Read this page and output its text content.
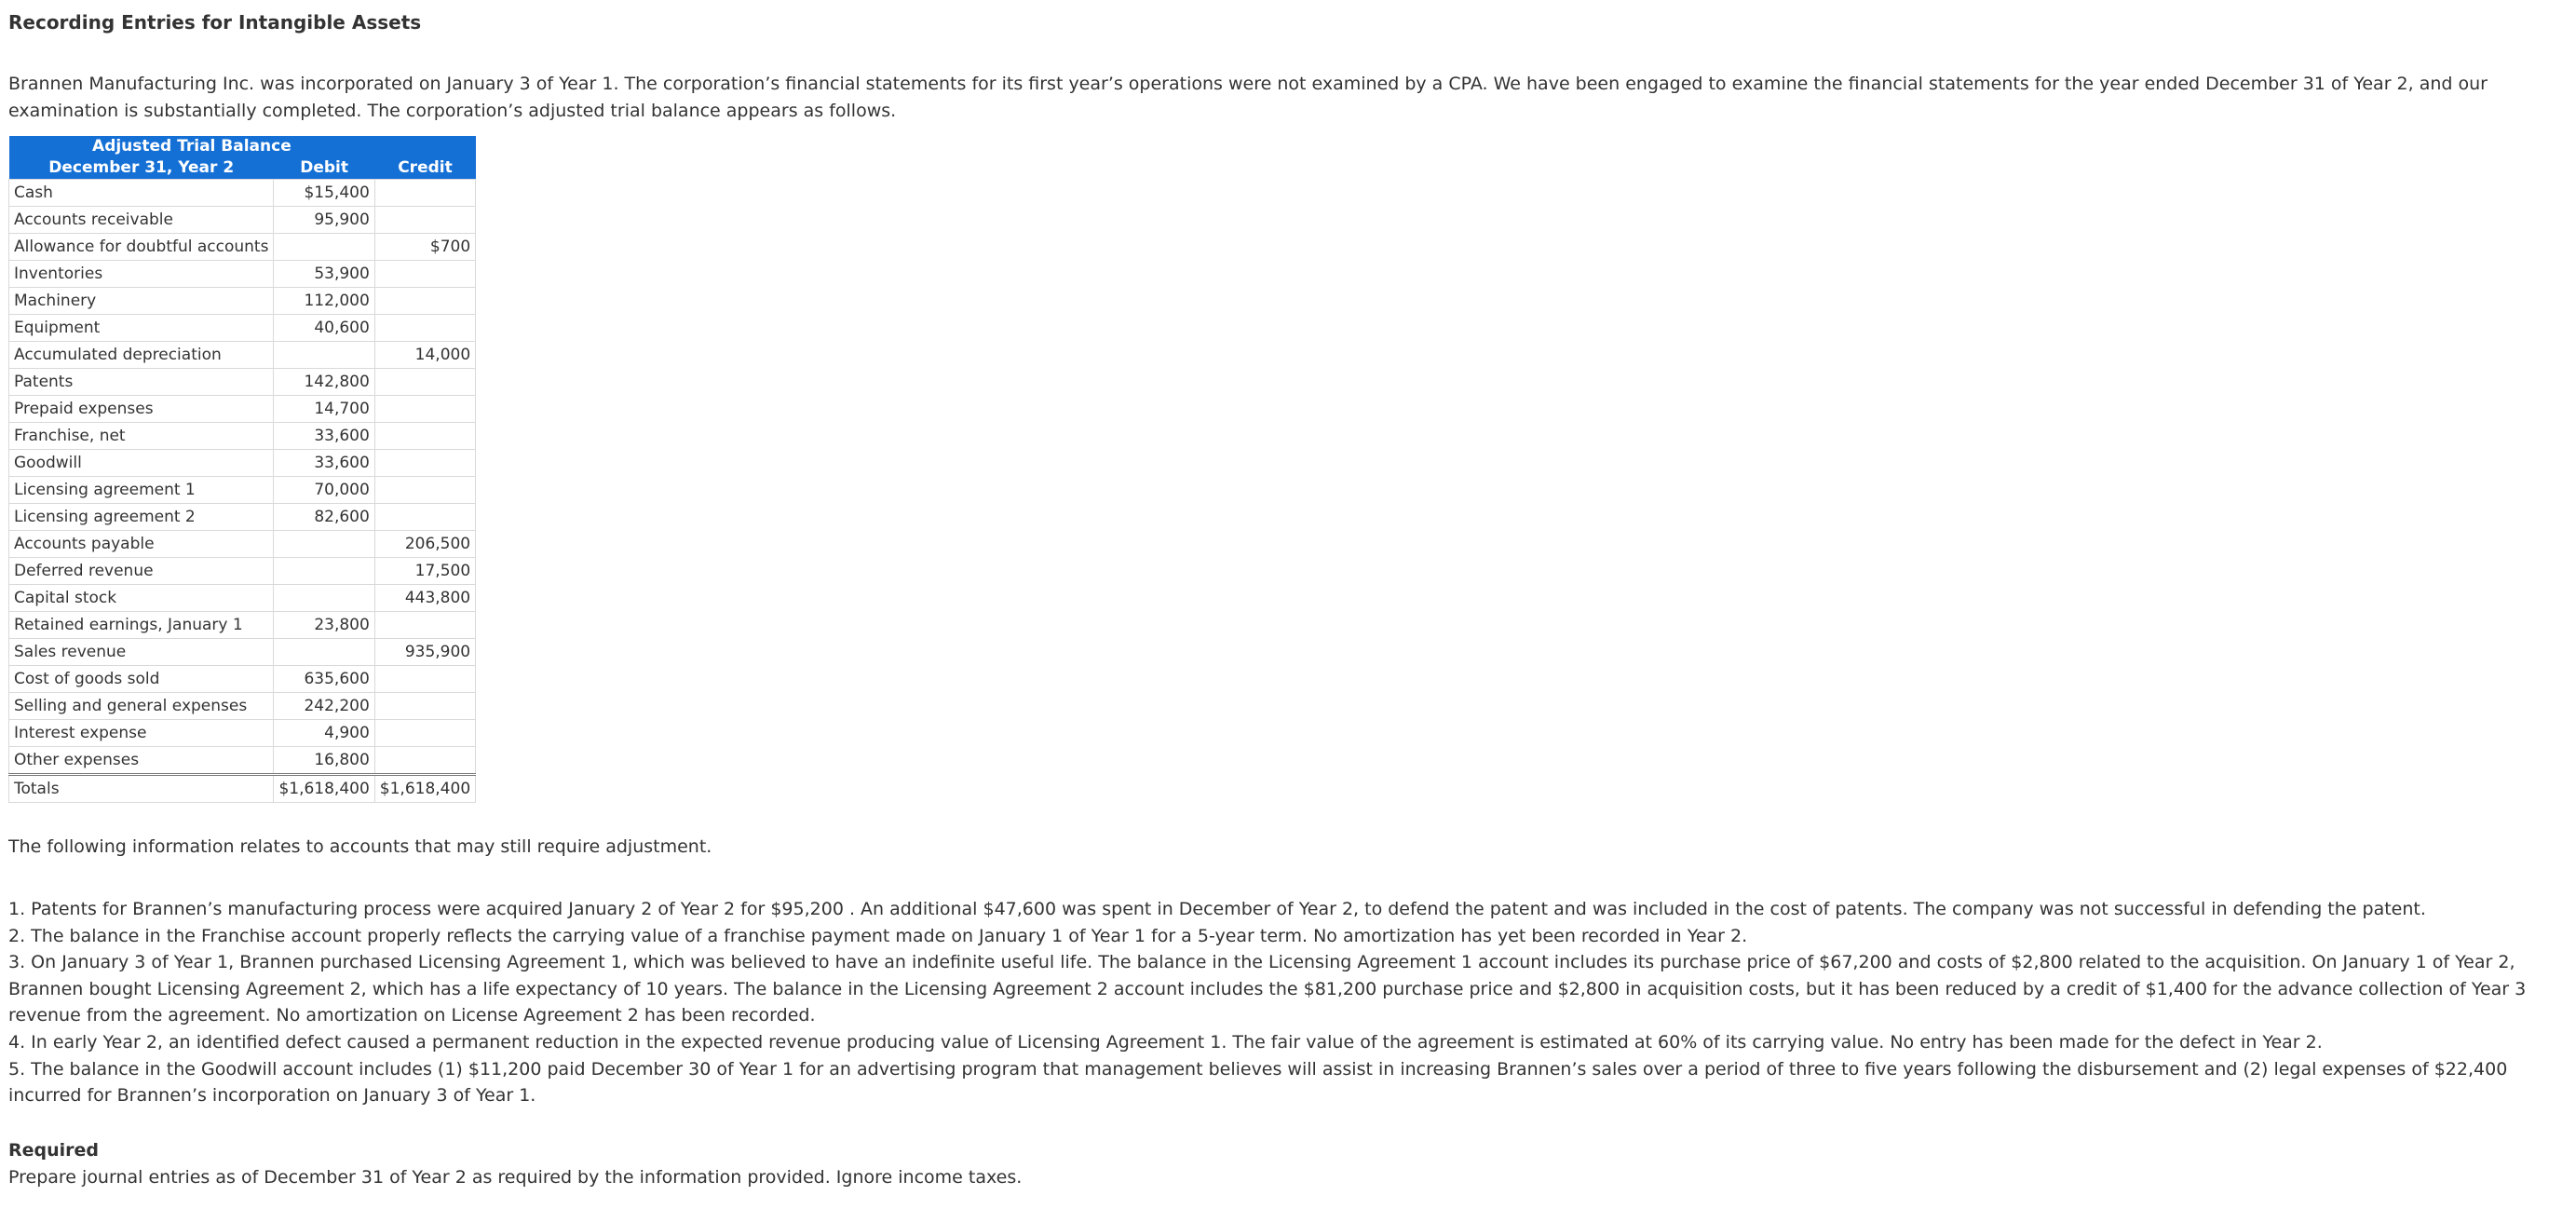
Recording Entries for Intangible Assets

Brannen Manufacturing Inc. was incorporated on January 3 of Year 1. The corporation’s financial statements for its first year’s operations were not examined by a CPA. We have been engaged to examine the financial statements for the year ended December 31 of Year 2, and our examination is substantially completed. The corporation’s adjusted trial balance appears as follows.

Adjusted Trial Balance		
December 31, Year 2	Debit	Credit
Cash	$15,400	
Accounts receivable	95,900	
Allowance for doubtful accounts		$700
Inventories	53,900	
Machinery	112,000	
Equipment	40,600	
Accumulated depreciation		14,000
Patents	142,800	
Prepaid expenses	14,700	
Franchise, net	33,600	
Goodwill	33,600	
Licensing agreement 1	70,000	
Licensing agreement 2	82,600	
Accounts payable		206,500
Deferred revenue		17,500
Capital stock		443,800
Retained earnings, January 1	23,800	
Sales revenue		935,900
Cost of goods sold	635,600	
Selling and general expenses	242,200	
Interest expense	4,900	
Other expenses	16,800	
Totals	$1,618,400	$1,618,400

The following information relates to accounts that may still require adjustment.

1. Patents for Brannen’s manufacturing process were acquired January 2 of Year 2 for $95,200 . An additional $47,600 was spent in December of Year 2, to defend the patent and was included in the cost of patents. The company was not successful in defending the patent.
2. The balance in the Franchise account properly reflects the carrying value of a franchise payment made on January 1 of Year 1 for a 5-year term. No amortization has yet been recorded in Year 2.
3. On January 3 of Year 1, Brannen purchased Licensing Agreement 1, which was believed to have an indefinite useful life. The balance in the Licensing Agreement 1 account includes its purchase price of $67,200 and costs of $2,800 related to the acquisition. On January 1 of Year 2, Brannen bought Licensing Agreement 2, which has a life expectancy of 10 years. The balance in the Licensing Agreement 2 account includes the $81,200 purchase price and $2,800 in acquisition costs, but it has been reduced by a credit of $1,400 for the advance collection of Year 3 revenue from the agreement. No amortization on License Agreement 2 has been recorded.
4. In early Year 2, an identified defect caused a permanent reduction in the expected revenue producing value of Licensing Agreement 1. The fair value of the agreement is estimated at 60% of its carrying value. No entry has been made for the defect in Year 2.
5. The balance in the Goodwill account includes (1) $11,200 paid December 30 of Year 1 for an advertising program that management believes will assist in increasing Brannen’s sales over a period of three to five years following the disbursement and (2) legal expenses of $22,400 incurred for Brannen’s incorporation on January 3 of Year 1.

Required

Prepare journal entries as of December 31 of Year 2 as required by the information provided. Ignore income taxes.
